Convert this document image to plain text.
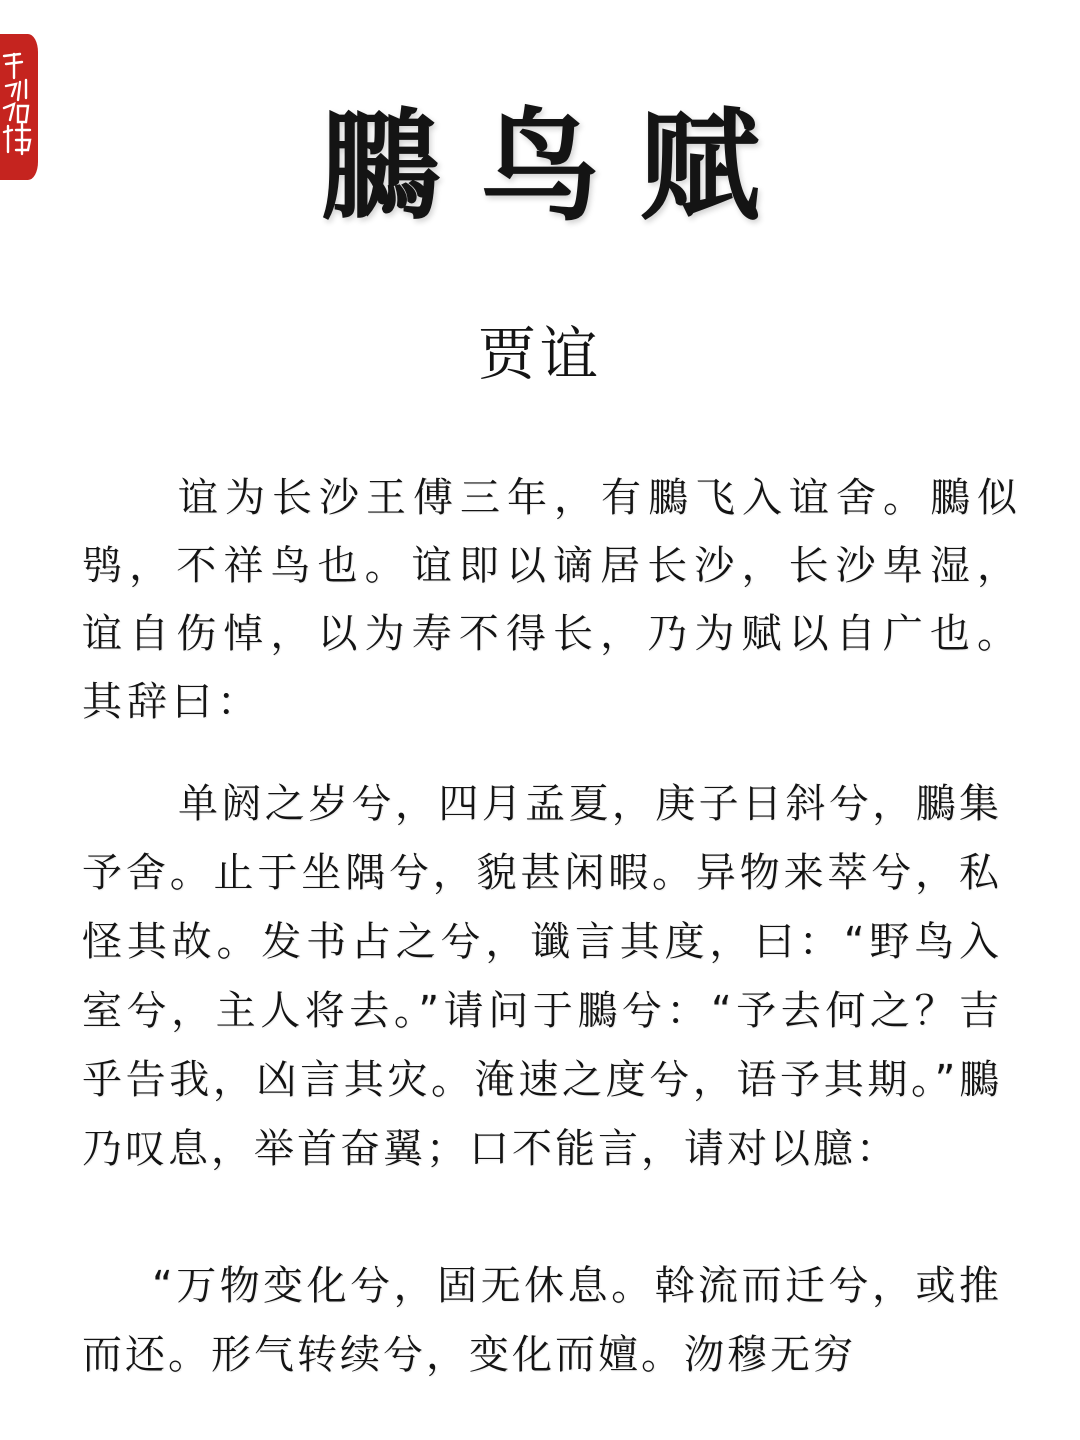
鵩鸟赋
贾谊

谊为长沙王傅三年，有鵩飞入谊舍。鵩似鸮，不祥鸟也。谊即以谪居长沙，长沙卑湿，谊自伤悼，以为寿不得长，乃为赋以自广也。其辞曰：

单阏之岁兮，四月孟夏，庚子日斜兮，鵩集予舍。止于坐隅兮，貌甚闲暇。异物来萃兮，私怪其故。发书占之兮，谶言其度，曰：“野鸟入室兮，主人将去。”请问于鵩兮：“予去何之？吉乎告我，凶言其灾。淹速之度兮，语予其期。”鵩乃叹息，举首奋翼；口不能言，请对以臆：

“万物变化兮，固无休息。斡流而迁兮，或推而还。形气转续兮，变化而嬗。沕穆无穷
